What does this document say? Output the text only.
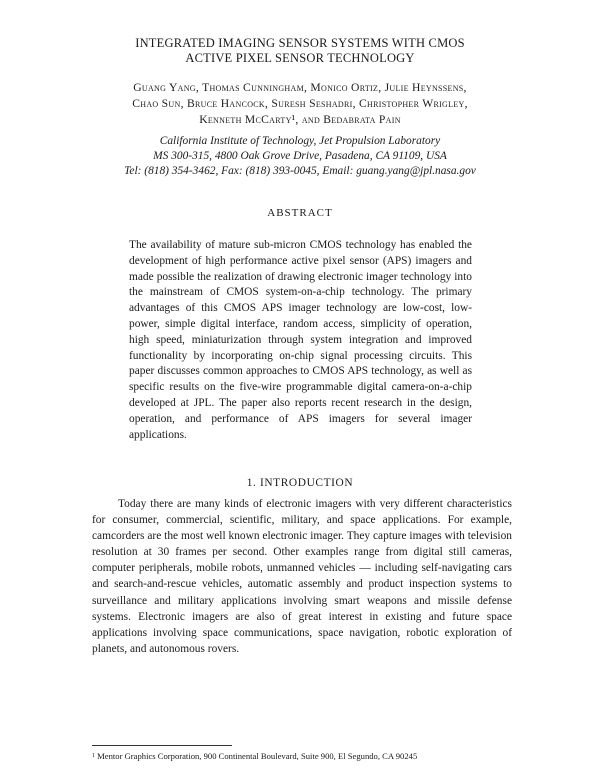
INTEGRATED IMAGING SENSOR SYSTEMS WITH CMOS
ACTIVE PIXEL SENSOR TECHNOLOGY
Guang Yang, Thomas Cunningham, Monico Ortiz, Julie Heynssens,
Chao Sun, Bruce Hancock, Suresh Seshadri, Christopher Wrigley,
Kenneth McCarty¹, and Bedabrata Pain
California Institute of Technology, Jet Propulsion Laboratory
MS 300-315, 4800 Oak Grove Drive, Pasadena, CA 91109, USA
Tel: (818) 354-3462, Fax: (818) 393-0045, Email: guang.yang@jpl.nasa.gov
ABSTRACT

The availability of mature sub-micron CMOS technology has enabled the development of high performance active pixel sensor (APS) imagers and made possible the realization of drawing electronic imager technology into the mainstream of CMOS system-on-a-chip technology. The primary advantages of this CMOS APS imager technology are low-cost, low-power, simple digital interface, random access, simplicity of operation, high speed, miniaturization through system integration and improved functionality by incorporating on-chip signal processing circuits. This paper discusses common approaches to CMOS APS technology, as well as specific results on the five-wire programmable digital camera-on-a-chip developed at JPL. The paper also reports recent research in the design, operation, and performance of APS imagers for several imager applications.

1. INTRODUCTION

Today there are many kinds of electronic imagers with very different characteristics for consumer, commercial, scientific, military, and space applications. For example, camcorders are the most well known electronic imager. They capture images with television resolution at 30 frames per second. Other examples range from digital still cameras, computer peripherals, mobile robots, unmanned vehicles — including self-navigating cars and search-and-rescue vehicles, automatic assembly and product inspection systems to surveillance and military applications involving smart weapons and missile defense systems. Electronic imagers are also of great interest in existing and future space applications involving space communications, space navigation, robotic exploration of planets, and autonomous rovers.

$^1$ Mentor Graphics Corporation, 900 Continental Boulevard, Suite 900, El Segundo, CA 90245
